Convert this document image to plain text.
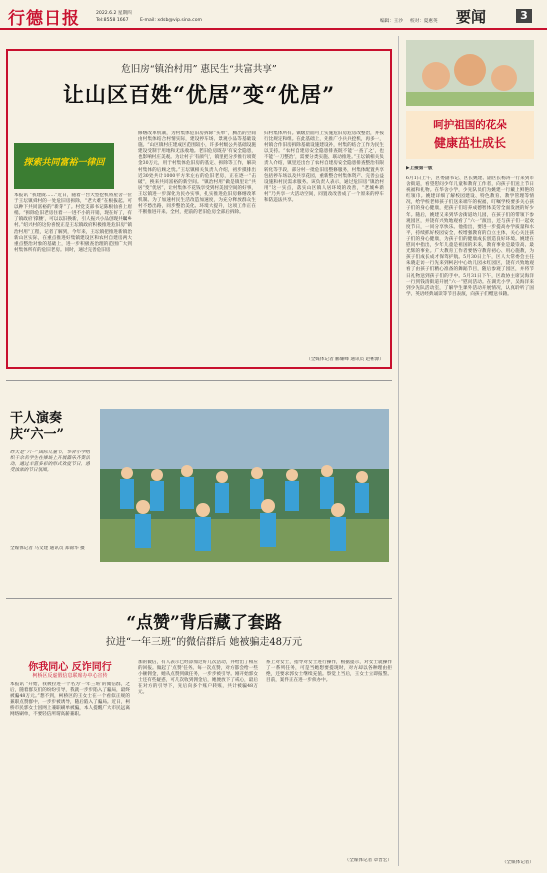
行德日报	2022.6.2 星期四
Tel:8558 1667 E-mail: xdsb@vip.sina.com	编辑：王沙 校对：夏惠英 要闻	3
危旧房“镇治村用” 惠民生“共富共享”
让山区百姓“优居”变“优居”
探索共同富裕一律回
本报讯 “我建陇……”近日，随着一台大型挖机将屋舍一位于王坛镇舜村的一处危旧房拆除，“老大难”在根拔起。可以种下共同富裕的“新芽”了。村党支部书记陈根仙喜上眉梢。“拆除危旧老房住着一一进不小的开销，现在好了，有了镇政府‘撑腰’，可以以旧换新，引人振兴小品创现共瞩乡村。”绍兴村的这份喜悦正是王坛镇政府积极推进危旧房“镇治村用”工程，记者了解到，今年来，王坛镇把推进新镇治新山区实际，在重点推进好集镇建设区和农村自建房两大重点整治对象的基础上，进一步积极查治理的范围广大到村集体所有的危旧老房。同时，通过完善危旧房
修缮改革机制，为村集体危旧房拆除“买单”，腾出的空间由村集体结合村情实际，建设停车场、景观小品等基础设施。“山区镇村庄建成区范围较小，许多村级公共基础设施建设受制于用地和无法收地。老旧危房既存‘有安全隐患，也影响村庄美观。为让村子‘有颜气’，镇里把分步推行项资金30万元，用于村集体危旧房的基定、拆除等工作，解决村集体的后顾之忧。”王坛镇相关负责人介绍，初步摸排出近30处共计1000平方米左右的危旧老房，正在逐一“击破”，换来共同富裕的新空间。“镇治村用”做是镇里让“共居”变“优居”，让村集体不花钱享受到村美园空间的好事，王坛镇进一步深化为民办实事，扎实推进危旧房修缮改革机制。为了加速村民生活改造加速度，为充分释放群众生村不愁出路，同步整治美化、环境大提升，这项工作正在不断推进开来。全村，把前的老旧危房全部后拆除。
归村集体所有。镇级层面可上实施危旧房危房改整治，并按行比规定和组。在此基础上，先推广小兵兵挖机，再多一，村镇合作旧房拆除基础设施建设补，村集的结合工作为民生以支持。“农村自建房安全隐患排查既不能‘一查了之’，也不能‘一刀整治’，需要分类实施、联动推进。”王坛镇相关负责人介绍，镇里还出台了农村自建房安全隐患排查整治有限转化等手段，部分村一批危旧房整修服务，村集体配置共享包括停车场以及共享花园，重新整合村集体资产、完善公益设施和村民需求服务。该负责人表示，通过危旧房“镇治村用”这一实点，落实山区镇人居环境的改善，“老城乡新村”乃共享一大活动空间，同置改改善成了一个原来的停车和防违法共享。
（全媒体记者 郦耀峰 通讯员 赵彬源）
呵护祖国的花朵
健康茁壮成长
▶上接第一版
6月1日上午，区委副书记、区长姚建、副区长杨涛一行来到市舍街道，看望慰问少年儿童和教育工作者，向孩子们送上节日祝福和礼物。在华舍小学，少先队员们为姚建一行戴上鲜艳的红领巾。姚建详细了解校园建设、特色教育、教学管理等情况，给学校老师孩子们送来端午的祝福，叮嘱学校要多关心孩子们的身心健康，把孩子们培养成德智体美劳全面发展的好少年。随后，姚建又来到华舍街道幼儿园，在孩子们的带领下参观园区，并饶有兴致地观看了“六一”演出，还与孩子们一起欢度节日，一同分享快乐。他指出，要进一步提高办学质量和水平，持续抓好校园安全，校增强教育的自立主体，关心关注孩子们的身心健康，为孩子们的健康成长创造良好环境。姚建在慰问中指出，少年儿童是祖国的未来，教育事业是最崇高、最光辉的事业。广大教育工作者要恪守教育初心、用心施教，为孩子们成长成才保驾护航。5月30日上午，区人大常委会主任朱晓走访一行先来到柯岩中心幼儿园永红园区，饶有兴致地观看了由孩子们精心准备的舞蹈节目，随后参观了园区，并将节日礼物送到孩子们的手中。5月31日下午，区政协主席吴海洋一行到钱清街道开展“六一”慰问活动。在湖光小学，吴海洋来到少先队活动室，了解学生课外活动开展情况，认真聆听了国学、英语经典诵读等节目表演，向孩子们赠送书籍。
（全媒体记者）
干人演奏庆“六一”
昨天是“六一”国际儿童节，华舍小学组织千余名学生在操场上开展器乐齐奏活动，通过丰富多彩的形式欢度节日，感受浓浓的节日氛围。
全媒体记者 马文建 通讯员 郑锦华 摄
“点赞”背后藏了套路
拉进“一年三班”的微信群后 她被骗走48万元
你我同心 反诈同行
柯桥区反虚假信息联席办中心宣传
本报讯 “开始，我被拉进一个名为‘一年三班’的微信群，之后，随着群友们的纷纷引导，我就一步步陷入了骗局，最终被骗48万元。”想不到，柯桥区的王女士在一个看似正规的兼职点赞群中，一步步被诱导，随后陷入了骗局。近日，柯桥市民郭女士因网上兼职刷单被骗，本人提醒广大市民远离网络刷单，不要轻信所谓高薪兼职。
加的微信，有人表示已经添加过好几次活动，并给出了相应的回报。做起了‘点赞’任务。每一次点赞，对方都会给一些小额佣金，她从点赞到做任务，一步步被引导。刚开始郭女士还有些疑惑，可几次收到佣金后，她便放下了戒心，最后在对方的引导下，先后向多个账户转账，共计被骗48万元。
系上对女士，指导对女士进行操作，根据提示，对女士就操作了一系列任务，可是当她想要提现时，对方却以各种理由拒绝，还要求郭女士继续充值。察觉上当后，王女士立即报警。目前，案件正在进一步侦办中。
（全媒体记者 章晋宏）
